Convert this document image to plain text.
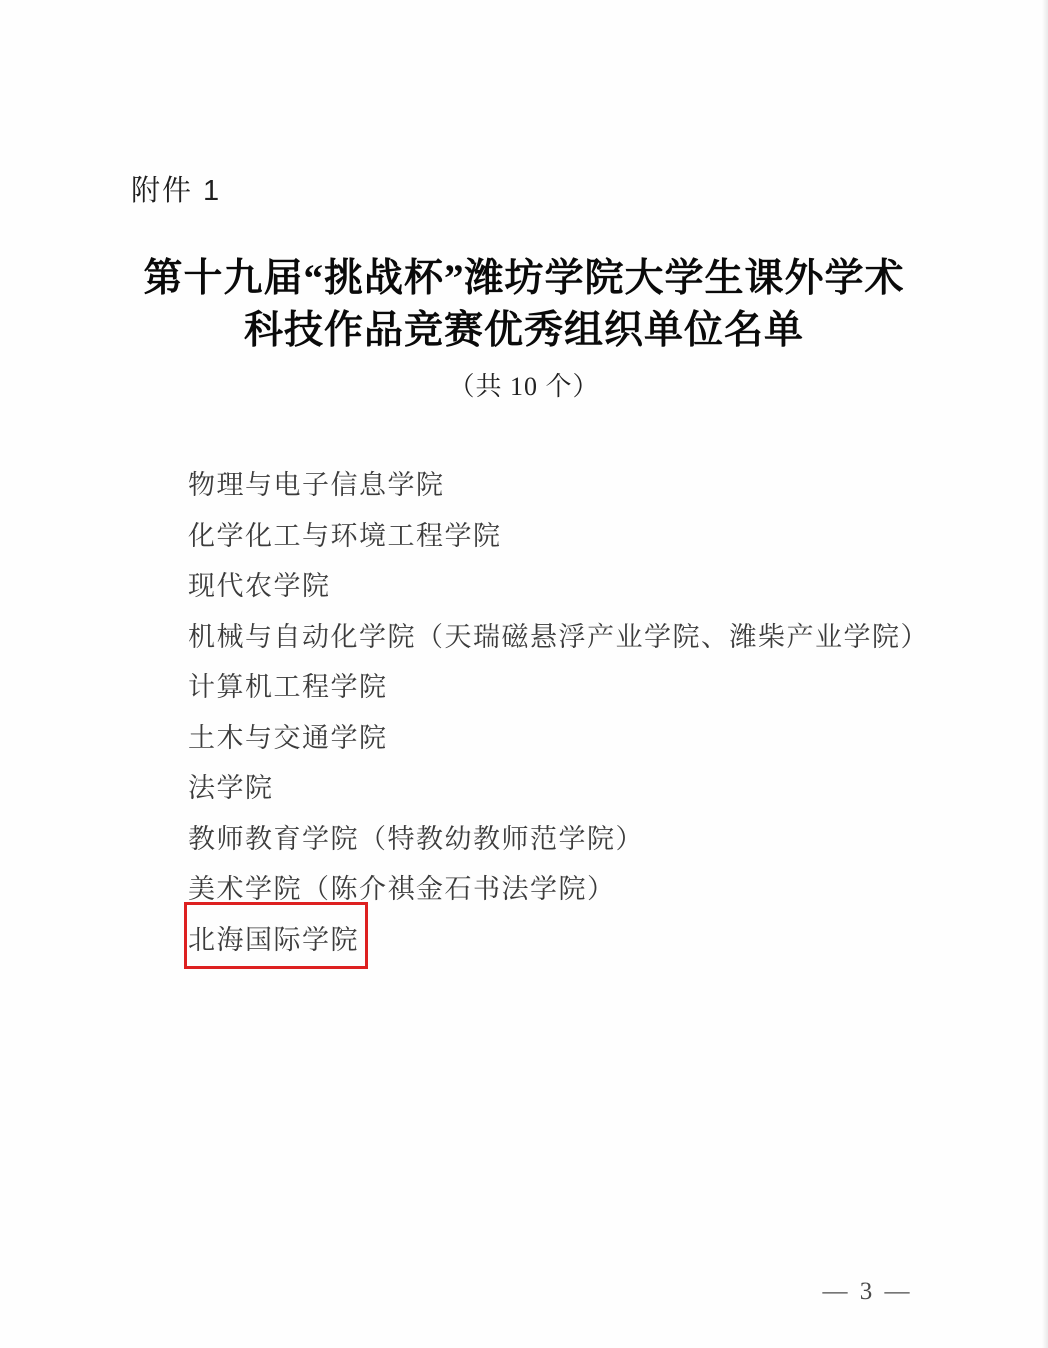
附件 1
第十九届“挑战杯”潍坊学院大学生课外学术
科技作品竞赛优秀组织单位名单
（共 10 个）
物理与电子信息学院
化学化工与环境工程学院
现代农学院
机械与自动化学院（天瑞磁悬浮产业学院、潍柴产业学院）
计算机工程学院
土木与交通学院
法学院
教师教育学院（特教幼教师范学院）
美术学院（陈介祺金石书法学院）
北海国际学院
— 3 —
